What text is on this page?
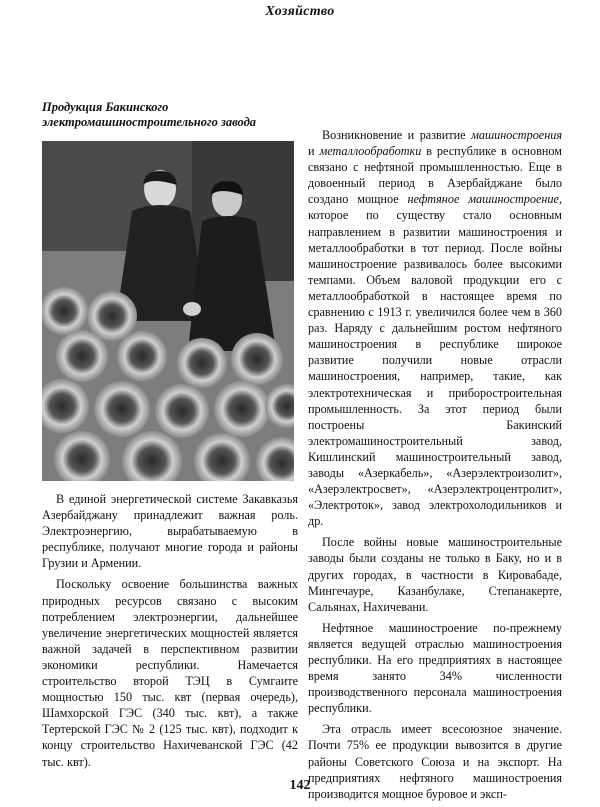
Хозяйство
Продукция Бакинского
электромашиностроительного завода

В единой энергетической системе Закавказья Азербайджану принадлежит важная роль. Электроэнергию, вырабатываемую в республике, получают многие города и районы Грузии и Армении.

Поскольку освоение большинства важных природных ресурсов связано с высоким потреблением электроэнергии, дальнейшее увеличение энергетических мощностей является важной задачей в перспективном развитии экономики республики. Намечается строительство второй ТЭЦ в Сумгаите мощностью 150 тыс. квт (первая очередь), Шамхорской ГЭС (340 тыс. квт), а также Тертерской ГЭС № 2 (125 тыс. квт), подходит к концу строительство Нахичеванской ГЭС (42 тыс. квт).

Возникновение и развитие машиностроения и металлообработки в республике в основном связано с нефтяной промышленностью. Еще в довоенный период в Азербайджане было создано мощное нефтяное машиностроение, которое по существу стало основным направлением в развитии машиностроения и металлообработки в тот период. После войны машиностроение развивалось более высокими темпами. Объем валовой продукции его с металлообработкой в настоящее время по сравнению с 1913 г. увеличился более чем в 360 раз. Наряду с дальнейшим ростом нефтяного машиностроения в республике широкое развитие получили новые отрасли машиностроения, например, такие, как электротехническая и приборостроительная промышленность. За этот период были построены Бакинский электромашиностроительный завод, Кишлинский машиностроительный завод, заводы «Азеркабель», «Азерэлектроизолит», «Азерэлектросвет», «Азерэлектроцентролит», «Электроток», завод электрохолодильников и др.

После войны новые машиностроительные заводы были созданы не только в Баку, но и в других городах, в частности в Кировабаде, Мингечауре, Казанбулаке, Степанакерте, Сальянах, Нахичевани.

Нефтяное машиностроение по-прежнему является ведущей отраслью машиностроения республики. На его предприятиях в настоящее время занято 34% численности производственного персонала машиностроения республики.

Эта отрасль имеет всесоюзное значение. Почти 75% ее продукции вывозится в другие районы Советского Союза и на экспорт. На предприятиях нефтяного машиностроения производится мощное буровое и эксп-

142
